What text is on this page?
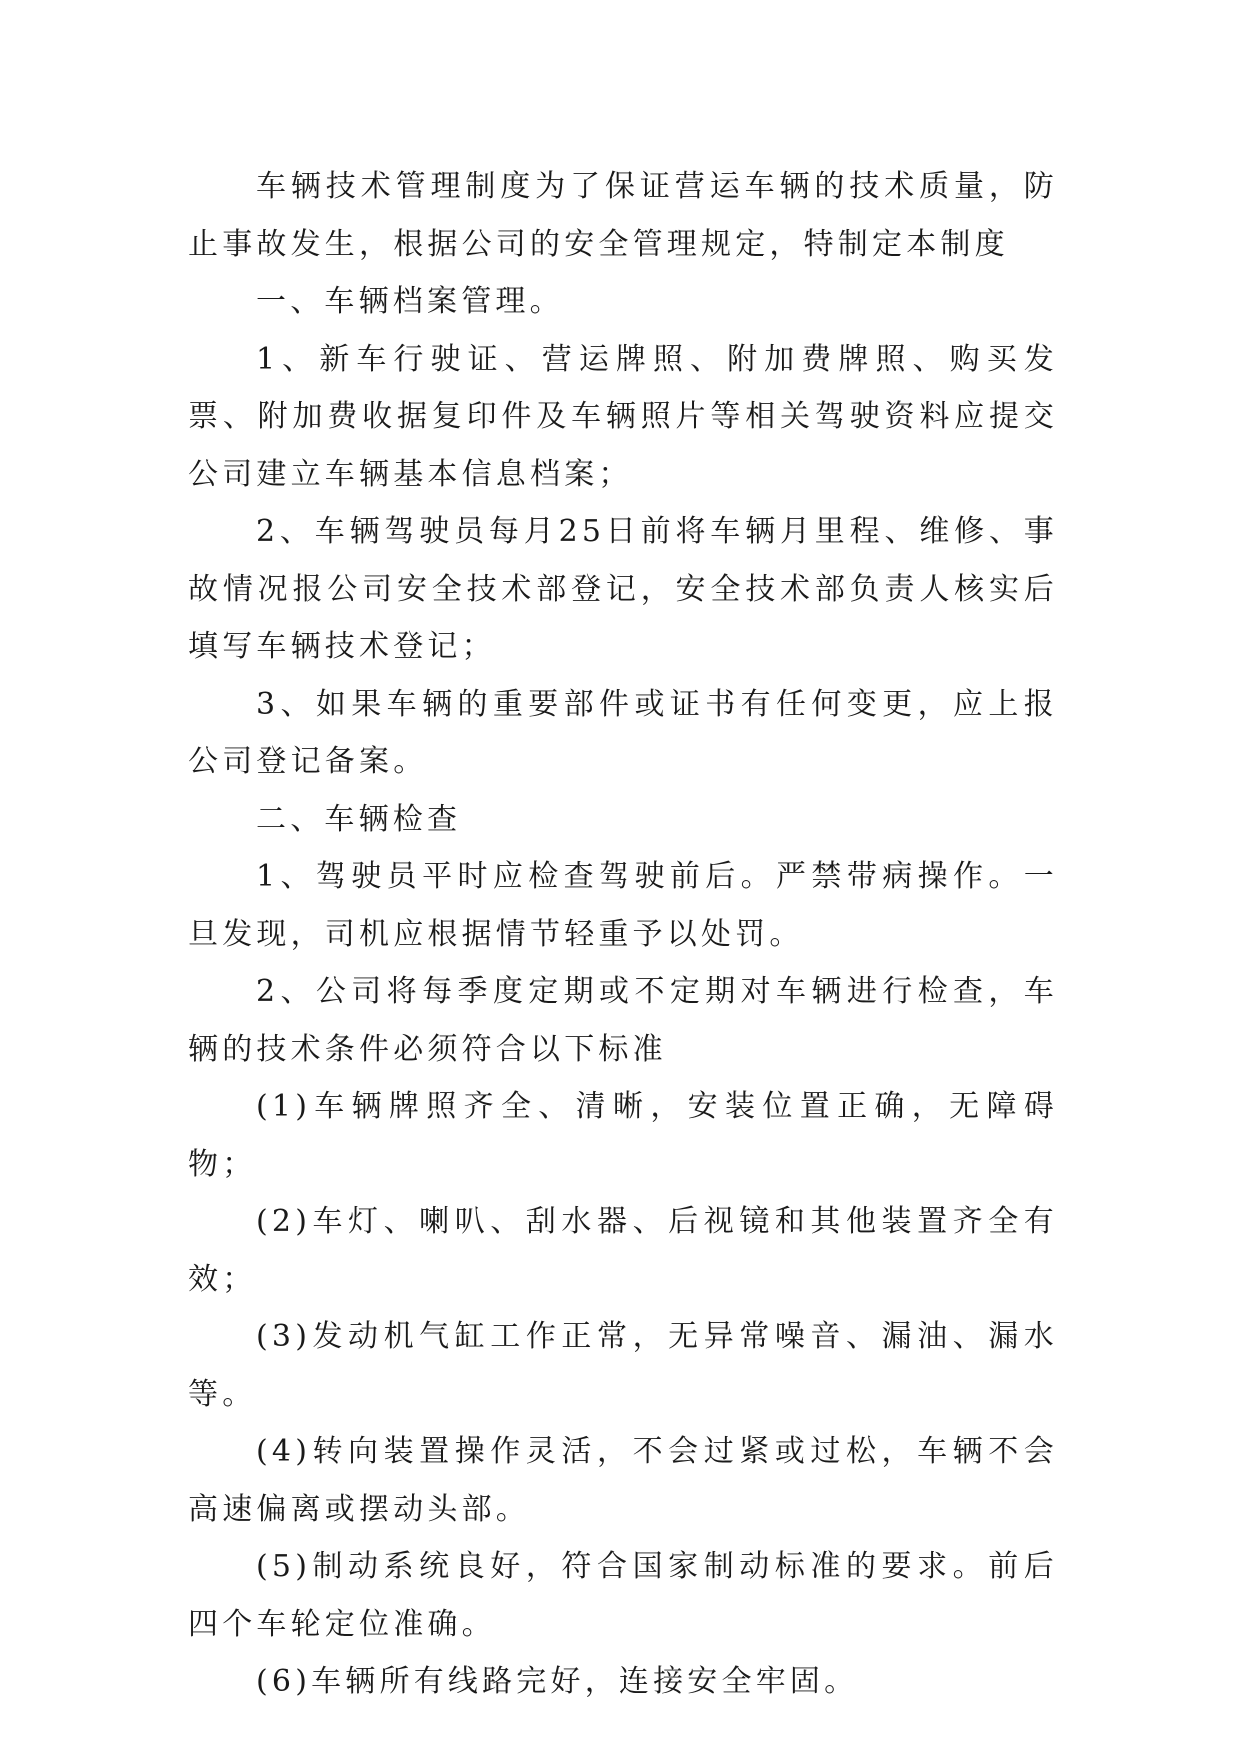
车辆技术管理制度为了保证营运车辆的技术质量，防止事故发生，根据公司的安全管理规定，特制定本制度

一、车辆档案管理。

1、新车行驶证、营运牌照、附加费牌照、购买发票、附加费收据复印件及车辆照片等相关驾驶资料应提交公司建立车辆基本信息档案；

2、车辆驾驶员每月25日前将车辆月里程、维修、事故情况报公司安全技术部登记，安全技术部负责人核实后填写车辆技术登记；

3、如果车辆的重要部件或证书有任何变更，应上报公司登记备案。

二、车辆检查

1、驾驶员平时应检查驾驶前后。严禁带病操作。一旦发现，司机应根据情节轻重予以处罚。

2、公司将每季度定期或不定期对车辆进行检查，车辆的技术条件必须符合以下标准

(1)车辆牌照齐全、清晰，安装位置正确，无障碍物；

(2)车灯、喇叭、刮水器、后视镜和其他装置齐全有效；

(3)发动机气缸工作正常，无异常噪音、漏油、漏水等。

(4)转向装置操作灵活，不会过紧或过松，车辆不会高速偏离或摆动头部。

(5)制动系统良好，符合国家制动标准的要求。前后四个车轮定位准确。

(6)车辆所有线路完好，连接安全牢固。
